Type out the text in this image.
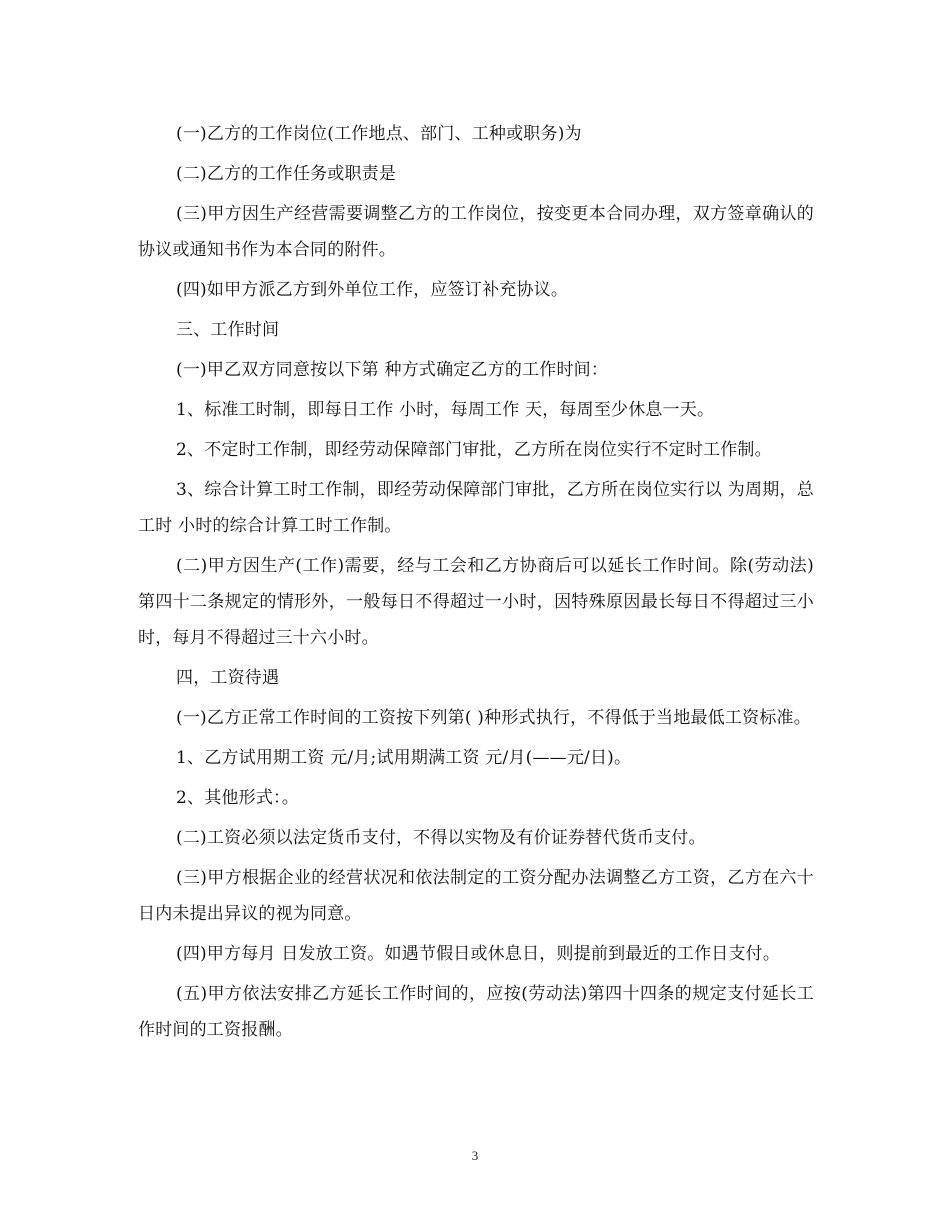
(一)乙方的工作岗位(工作地点、部门、工种或职务)为

(二)乙方的工作任务或职责是

(三)甲方因生产经营需要调整乙方的工作岗位，按变更本合同办理，双方签章确认的协议或通知书作为本合同的附件。

(四)如甲方派乙方到外单位工作，应签订补充协议。

三、工作时间

(一)甲乙双方同意按以下第 种方式确定乙方的工作时间：

1、标准工时制，即每日工作 小时，每周工作 天，每周至少休息一天。

2、不定时工作制，即经劳动保障部门审批，乙方所在岗位实行不定时工作制。

3、综合计算工时工作制，即经劳动保障部门审批，乙方所在岗位实行以 为周期，总工时 小时的综合计算工时工作制。

(二)甲方因生产(工作)需要，经与工会和乙方协商后可以延长工作时间。除(劳动法)第四十二条规定的情形外，一般每日不得超过一小时，因特殊原因最长每日不得超过三小时，每月不得超过三十六小时。

四，工资待遇

(一)乙方正常工作时间的工资按下列第( )种形式执行，不得低于当地最低工资标准。

1、乙方试用期工资 元/月;试用期满工资 元/月(——元/日)。

2、其他形式：。

(二)工资必须以法定货币支付，不得以实物及有价证券替代货币支付。

(三)甲方根据企业的经营状况和依法制定的工资分配办法调整乙方工资，乙方在六十日内未提出异议的视为同意。

(四)甲方每月 日发放工资。如遇节假日或休息日，则提前到最近的工作日支付。

(五)甲方依法安排乙方延长工作时间的，应按(劳动法)第四十四条的规定支付延长工作时间的工资报酬。

3
